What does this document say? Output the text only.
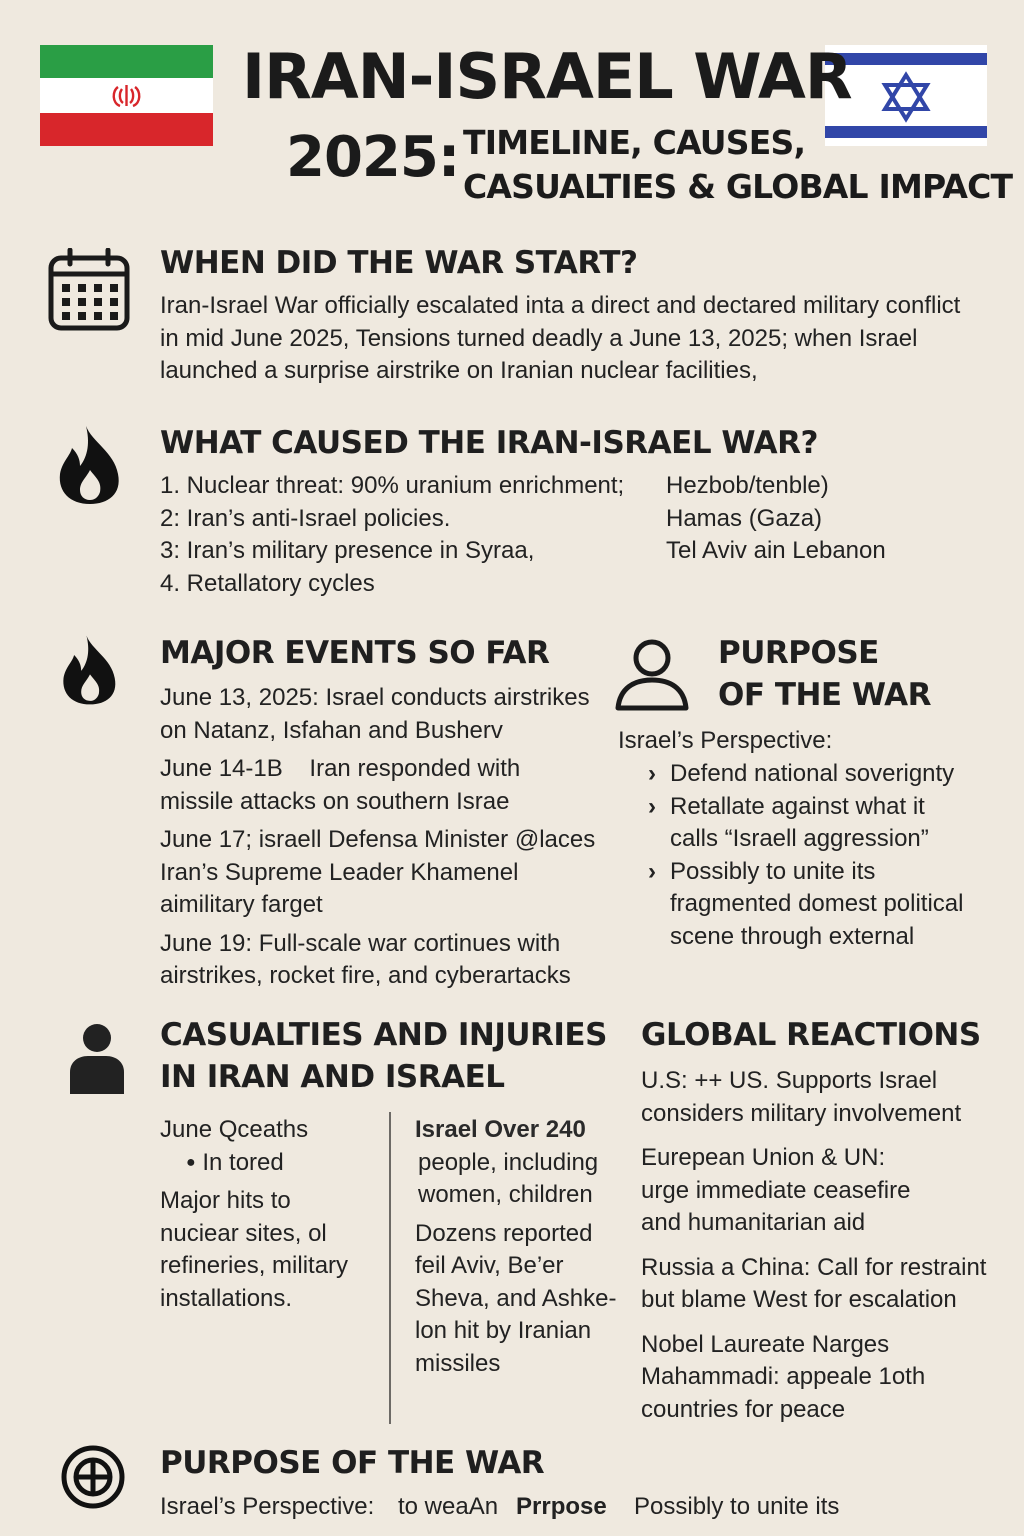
IRAN-ISRAEL WAR
2025: TIMELINE, CAUSES,
CASUALTIES & GLOBAL IMPACT
WHEN DID THE WAR START?
Iran-Israel War officially escalated inta a direct and dectared military conflict
in mid June 2025, Tensions turned deadly a June 13, 2025; when Israel
launched a surprise airstrike on Iranian nuclear facilities,
WHAT CAUSED THE IRAN-ISRAEL WAR?
1. Nuclear threat: 90% uranium enrichment;
2: Iran’s anti-Israel policies.
3: Iran’s military presence in Syraa,
4. Retallatory cycles
Hezbob/tenble)
Hamas (Gaza)
Tel Aviv ain Lebanon
MAJOR EVENTS SO FAR
June 13, 2025: Israel conducts airstrikes
on Natanz, Isfahan and Busherv
June 14-1B    Iran responded with
missile attacks on southern Israe
June 17; israell Defensa Minister @laces
Iran’s Supreme Leader Khamenel
aimilitary farget
June 19: Full-scale war cortinues with
airstrikes, rocket fire, and cyberartacks
PURPOSE
OF THE WAR
Israel’s Perspective:
› Defend national soverignty
› Retallate against what it
calls “Israell aggression”
› Possibly to unite its
fragmented domest political
scene through external
CASUALTIES AND INJURIES
IN IRAN AND ISRAEL
June Qceaths
● In tored
Major hits to
nuciear sites, ol
refineries, military
installations.
Israel Over 240
people, including
women, children
Dozens reported
feil Aviv, Be’er
Sheva, and Ashke-
lon hit by Iranian
missiles
GLOBAL REACTIONS
U.S: ++ US. Supports Israel
considers military involvement
Eurepean Union & UN:
urge immediate ceasefire
and humanitarian aid
Russia a China: Call for restraint
but blame West for escalation
Nobel Laureate Narges
Mahammadi: appeale 1oth
countries for peace
PURPOSE OF THE WAR
Israel’s Perspective: to weaAn Prrpose Possibly to unite its
